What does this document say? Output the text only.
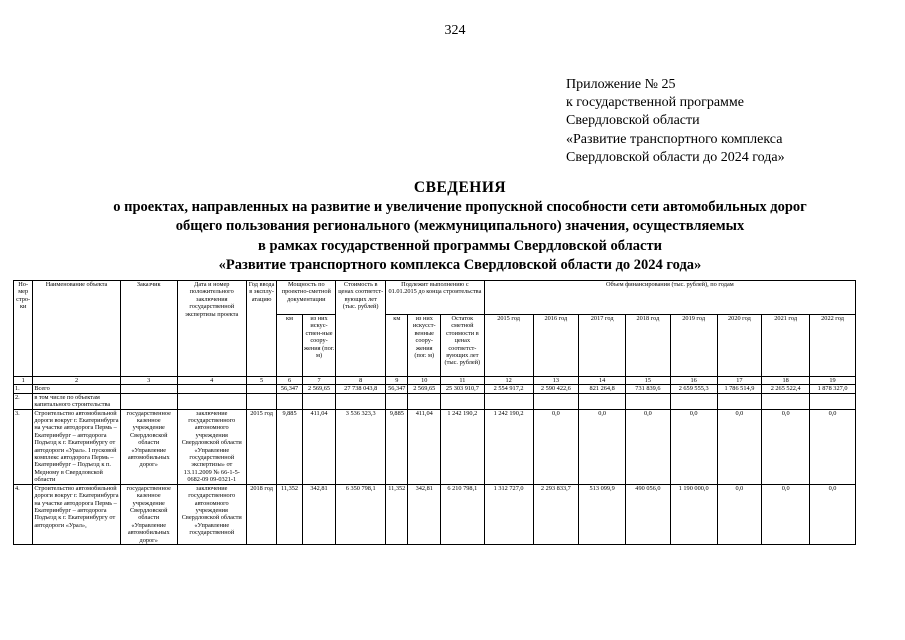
324
Приложение № 25
к государственной программе
Свердловской области
«Развитие транспортного комплекса
Свердловской области до 2024 года»
СВЕДЕНИЯ
о проектах, направленных на развитие и увеличение пропускной способности сети автомобильных дорог
общего пользования регионального (межмуниципального) значения, осуществляемых
в рамках государственной программы Свердловской области
«Развитие транспортного комплекса Свердловской области до 2024 года»
Но-мер стро-ки	Наименование объекта	Заказчик	Дата и номер положительного заключения государственной экспертизы проекта	Год ввода в эксплу-атацию	Мощность по проектно-сметной документации		Стоимость в ценах соответст-вующих лет (тыс. рублей)	Подлежит выполнению с 01.01.2015 до конца строительства			Объем финансирования (тыс. рублей), по годам							
					км	из них искус-ствен-ные соору-жения (пог. м)		км	из них искусст-венные соору-жения (пог. м)	Остаток сметной стоимости в ценах соответст-вующих лет (тыс. рублей)	2015 год	2016 год	2017 год	2018 год	2019 год	2020 год	2021 год	2022 год
1	2	3	4	5	6	7	8	9	10	11	12	13	14	15	16	17	18	19
1.	Всего				56,347	2 569,65	27 738 043,8	56,347	2 569,65	25 303 910,7	2 554 917,2	2 590 422,6	821 264,8	731 839,6	2 659 555,3	1 786 514,9	2 265 522,4	1 878 327,0
2.	в том числе по объектам капитального строительства																	
3.	Строительство автомобильной дороги вокруг г. Екатеринбурга на участке автодорога Пермь – Екатеринбург – автодорога Подъезд к г. Екатеринбургу от автодороги «Урал». I пусковой комплекс автодорога Пермь – Екатеринбург – Подъезд к п. Медному в Свердловской области	государственное казенное учреждение Свердловской области «Управление автомобильных дорог»	заключение государственного автономного учреждения Свердловской области «Управление государственной экспертизы» от 13.11.2009 № 66-1-5-0682-09 09-0321-1	2015 год	9,885	411,04	3 536 323,3	9,885	411,04	1 242 190,2	1 242 190,2	0,0	0,0	0,0	0,0	0,0	0,0	0,0
4.	Строительство автомобильной дороги вокруг г. Екатеринбурга на участке автодорога Пермь – Екатеринбург – автодорога Подъезд к г. Екатеринбургу от автодороги «Урал»,	государственное казенное учреждение Свердловской области «Управление автомобильных дорог»	заключение государственного автономного учреждения Свердловской области «Управление государственной	2018 год	11,352	342,81	6 350 798,1	11,352	342,81	6 210 798,1	1 312 727,0	2 293 833,7	513 099,9	490 056,0	1 190 000,0	0,0	0,0	0,0
